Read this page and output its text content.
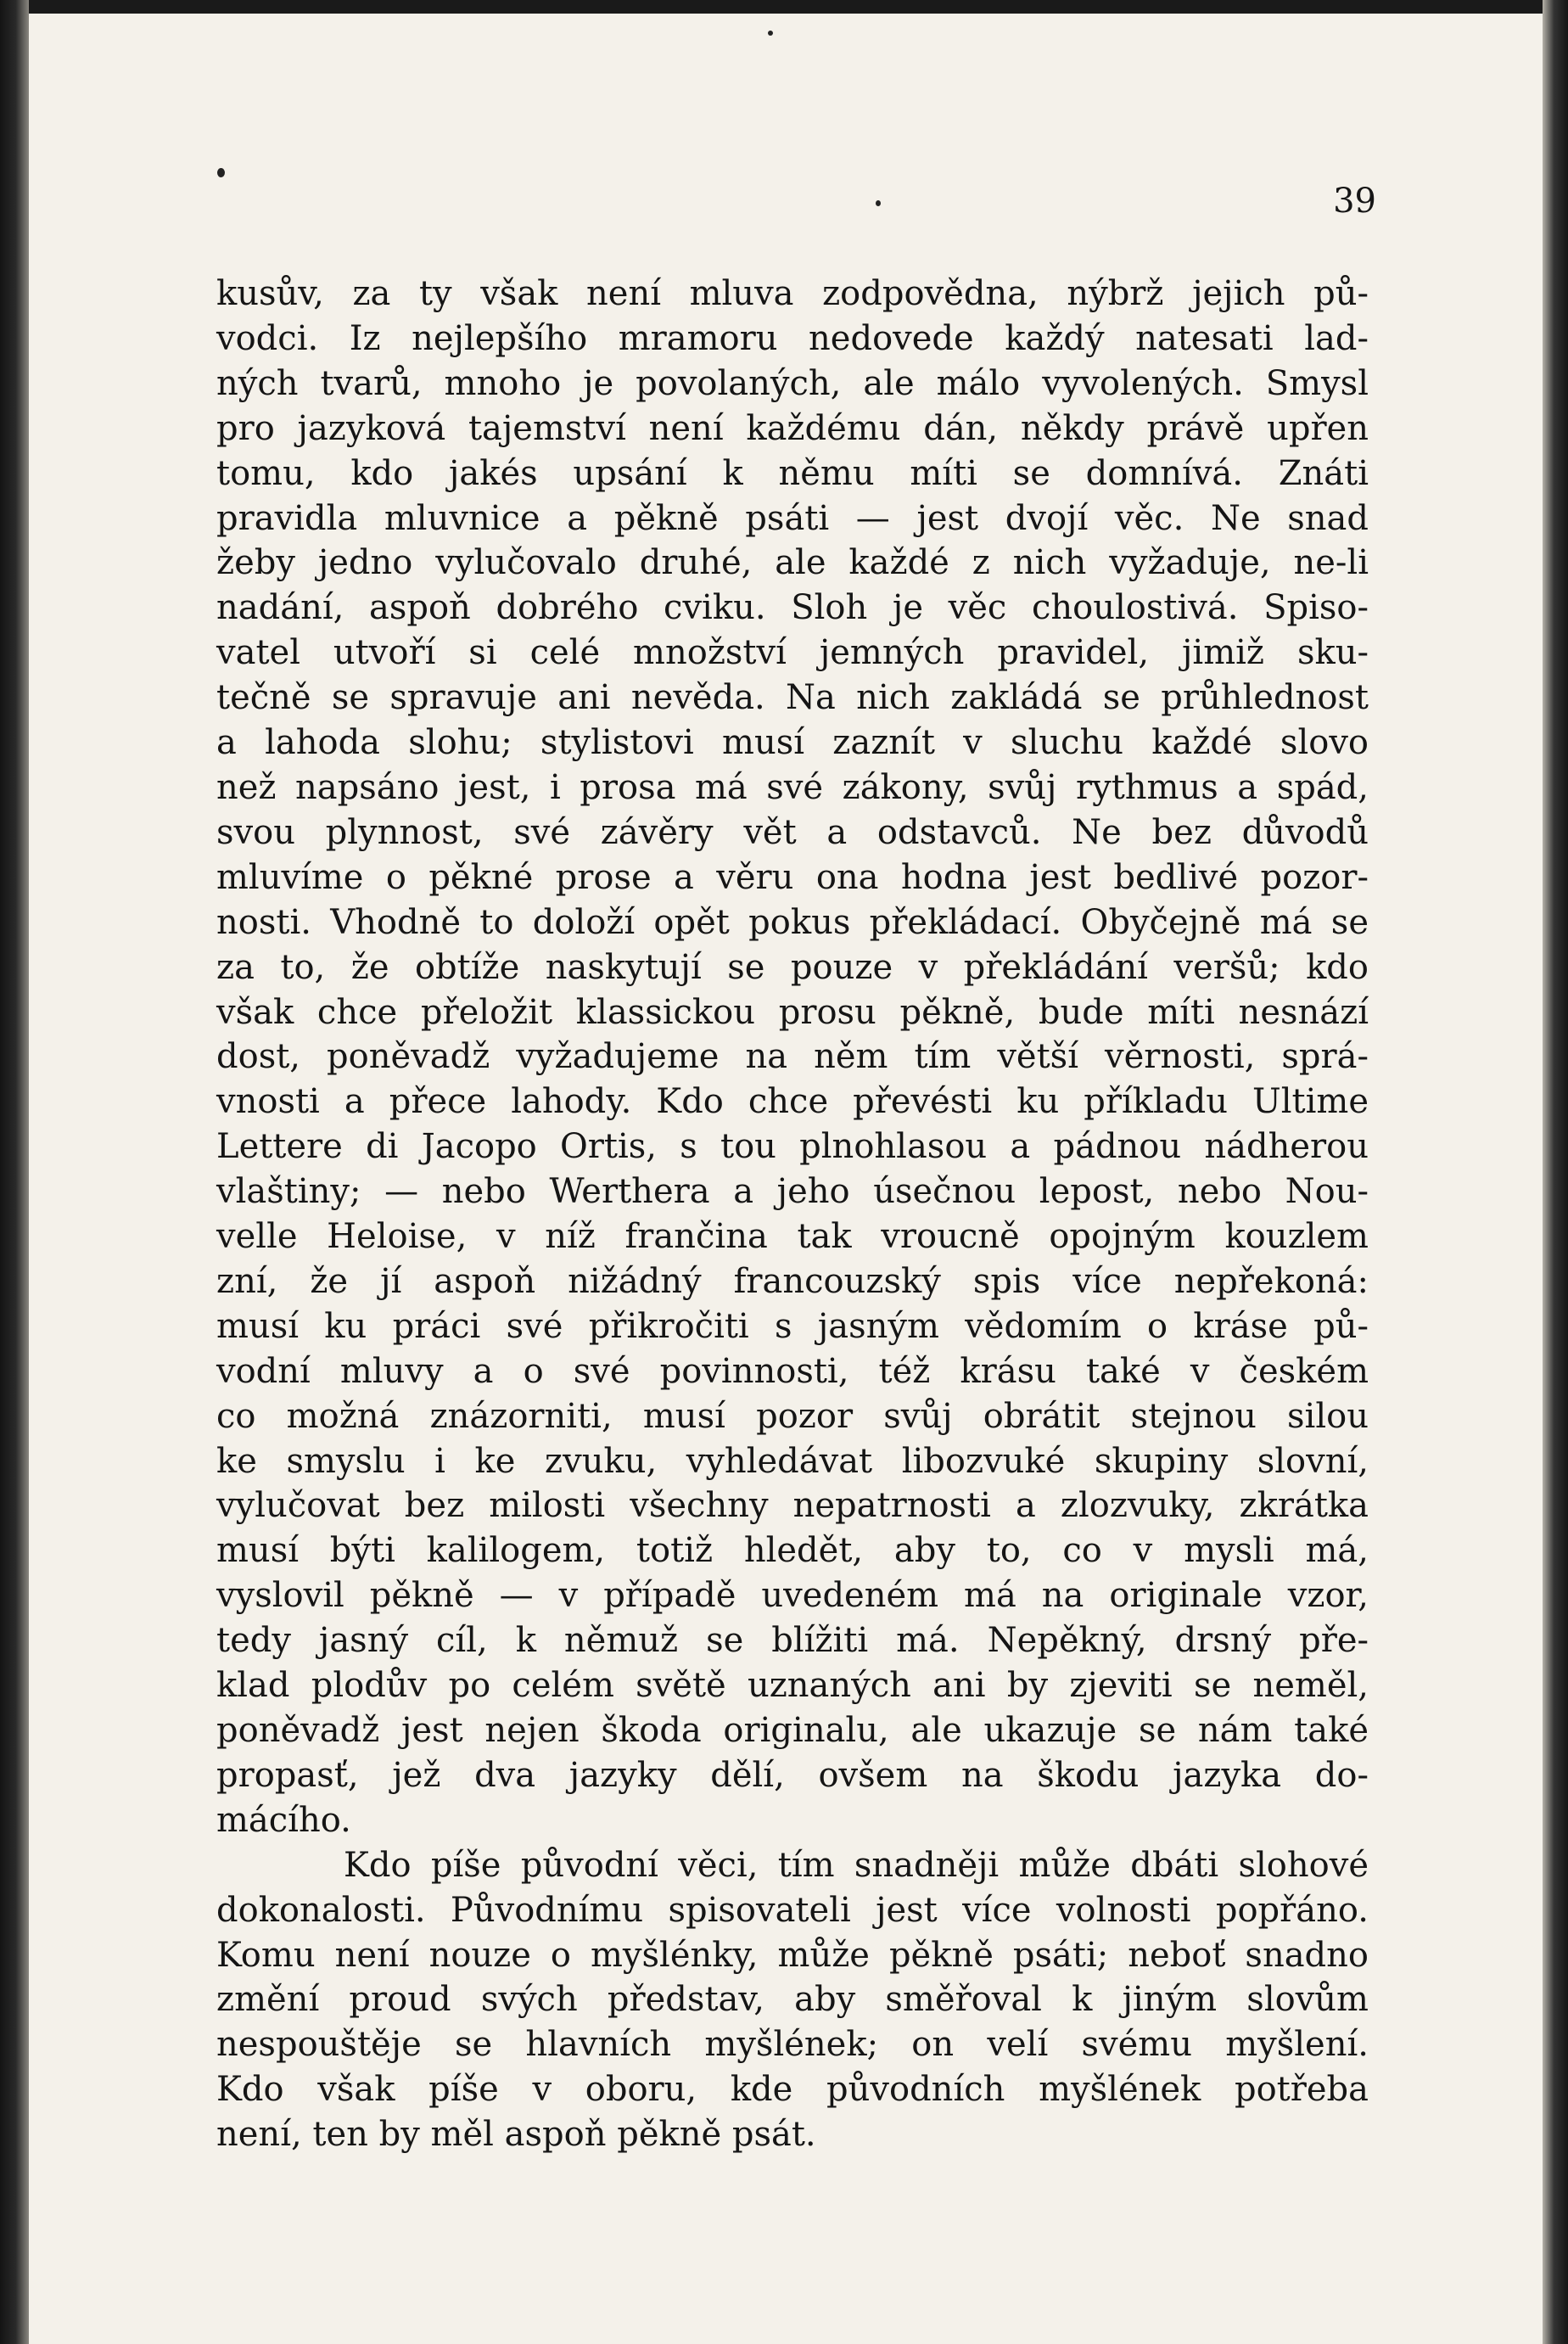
39

kusův, za ty však není mluva zodpovědna, nýbrž jejich pů-
vodci. Iz nejlepšího mramoru nedovede každý natesati lad-
ných tvarů, mnoho je povolaných, ale málo vyvolených. Smysl
pro jazyková tajemství není každému dán, někdy právě upřen
tomu, kdo jakés upsání k němu míti se domnívá. Znáti
pravidla mluvnice a pěkně psáti — jest dvojí věc. Ne snad
žeby jedno vylučovalo druhé, ale každé z nich vyžaduje, ne-li
nadání, aspoň dobrého cviku. Sloh je věc choulostivá. Spiso-
vatel utvoří si celé množství jemných pravidel, jimiž sku-
tečně se spravuje ani nevěda. Na nich zakládá se průhlednost
a lahoda slohu; stylistovi musí zaznít v sluchu každé slovo
než napsáno jest, i prosa má své zákony, svůj rythmus a spád,
svou plynnost, své závěry vět a odstavců. Ne bez důvodů
mluvíme o pěkné prose a věru ona hodna jest bedlivé pozor-
nosti. Vhodně to doloží opět pokus překládací. Obyčejně má se
za to, že obtíže naskytují se pouze v překládání veršů; kdo
však chce přeložit klassickou prosu pěkně, bude míti nesnází
dost, poněvadž vyžadujeme na něm tím větší věrnosti, sprá-
vnosti a přece lahody. Kdo chce převésti ku příkladu Ultime
Lettere di Jacopo Ortis, s tou plnohlasou a pádnou nádherou
vlaštiny; — nebo Werthera a jeho úsečnou lepost, nebo Nou-
velle Heloise, v níž frančina tak vroucně opojným kouzlem
zní, že jí aspoň nižádný francouzský spis více nepřekoná:
musí ku práci své přikročiti s jasným vědomím o kráse pů-
vodní mluvy a o své povinnosti, též krásu také v českém
co možná znázorniti, musí pozor svůj obrátit stejnou silou
ke smyslu i ke zvuku, vyhledávat libozvuké skupiny slovní,
vylučovat bez milosti všechny nepatrnosti a zlozvuky, zkrátka
musí býti kalilogem, totiž hledět, aby to, co v mysli má,
vyslovil pěkně — v případě uvedeném má na originale vzor,
tedy jasný cíl, k němuž se blížiti má. Nepěkný, drsný pře-
klad plodův po celém světě uznaných ani by zjeviti se neměl,
poněvadž jest nejen škoda originalu, ale ukazuje se nám také
propasť, jež dva jazyky dělí, ovšem na škodu jazyka do-
mácího.
Kdo píše původní věci, tím snadněji může dbáti slohové
dokonalosti. Původnímu spisovateli jest více volnosti popřáno.
Komu není nouze o myšlénky, může pěkně psáti; neboť snadno
změní proud svých představ, aby směřoval k jiným slovům
nespouštěje se hlavních myšlének; on velí svému myšlení.
Kdo však píše v oboru, kde původních myšlének potřeba
není, ten by měl aspoň pěkně psát.
